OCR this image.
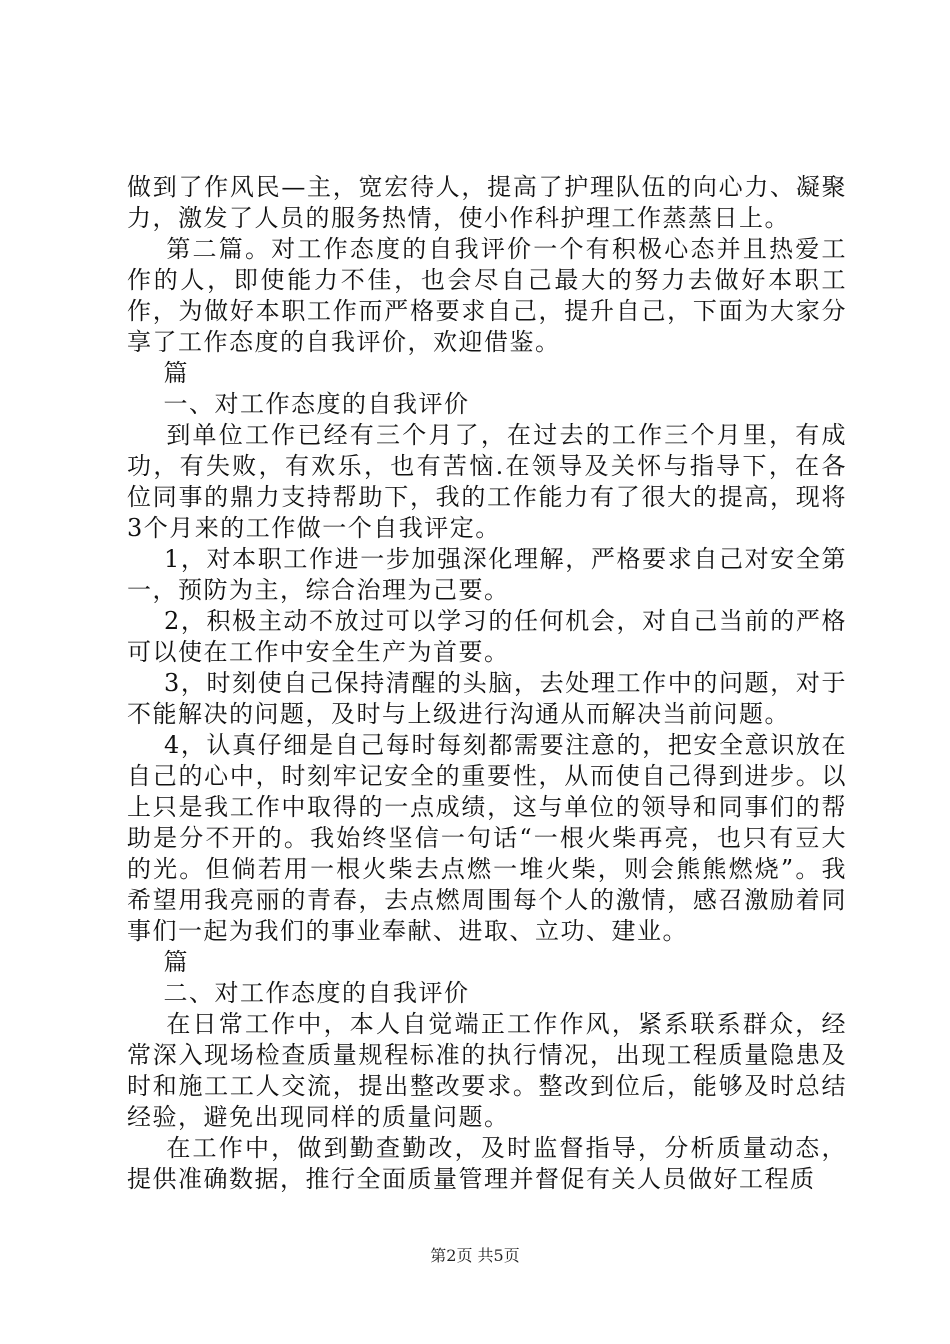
做到了作风民—主，宽宏待人，提高了护理队伍的向心力、凝聚力，激发了人员的服务热情，使小作科护理工作蒸蒸日上。

第二篇。对工作态度的自我评价一个有积极心态并且热爱工作的人，即使能力不佳，也会尽自己最大的努力去做好本职工作，为做好本职工作而严格要求自己，提升自己，下面为大家分享了工作态度的自我评价，欢迎借鉴。

篇

一、对工作态度的自我评价

到单位工作已经有三个月了，在过去的工作三个月里，有成功，有失败，有欢乐，也有苦恼.在领导及关怀与指导下，在各位同事的鼎力支持帮助下，我的工作能力有了很大的提高，现将3个月来的工作做一个自我评定。

1，对本职工作进一步加强深化理解，严格要求自己对安全第一，预防为主，综合治理为己要。

2，积极主动不放过可以学习的任何机会，对自己当前的严格可以使在工作中安全生产为首要。

3，时刻使自己保持清醒的头脑，去处理工作中的问题，对于不能解决的问题，及时与上级进行沟通从而解决当前问题。

4，认真仔细是自己每时每刻都需要注意的，把安全意识放在自己的心中，时刻牢记安全的重要性，从而使自己得到进步。以上只是我工作中取得的一点成绩，这与单位的领导和同事们的帮助是分不开的。我始终坚信一句话“一根火柴再亮，也只有豆大的光。但倘若用一根火柴去点燃一堆火柴，则会熊熊燃烧”。我希望用我亮丽的青春，去点燃周围每个人的激情，感召激励着同事们一起为我们的事业奉献、进取、立功、建业。

篇

二、对工作态度的自我评价

在日常工作中，本人自觉端正工作作风，紧系联系群众，经常深入现场检查质量规程标准的执行情况，出现工程质量隐患及时和施工工人交流，提出整改要求。整改到位后，能够及时总结经验，避免出现同样的质量问题。

在工作中，做到勤查勤改，及时监督指导，分析质量动态，提供准确数据，推行全面质量管理并督促有关人员做好工程质

第2页 共5页
